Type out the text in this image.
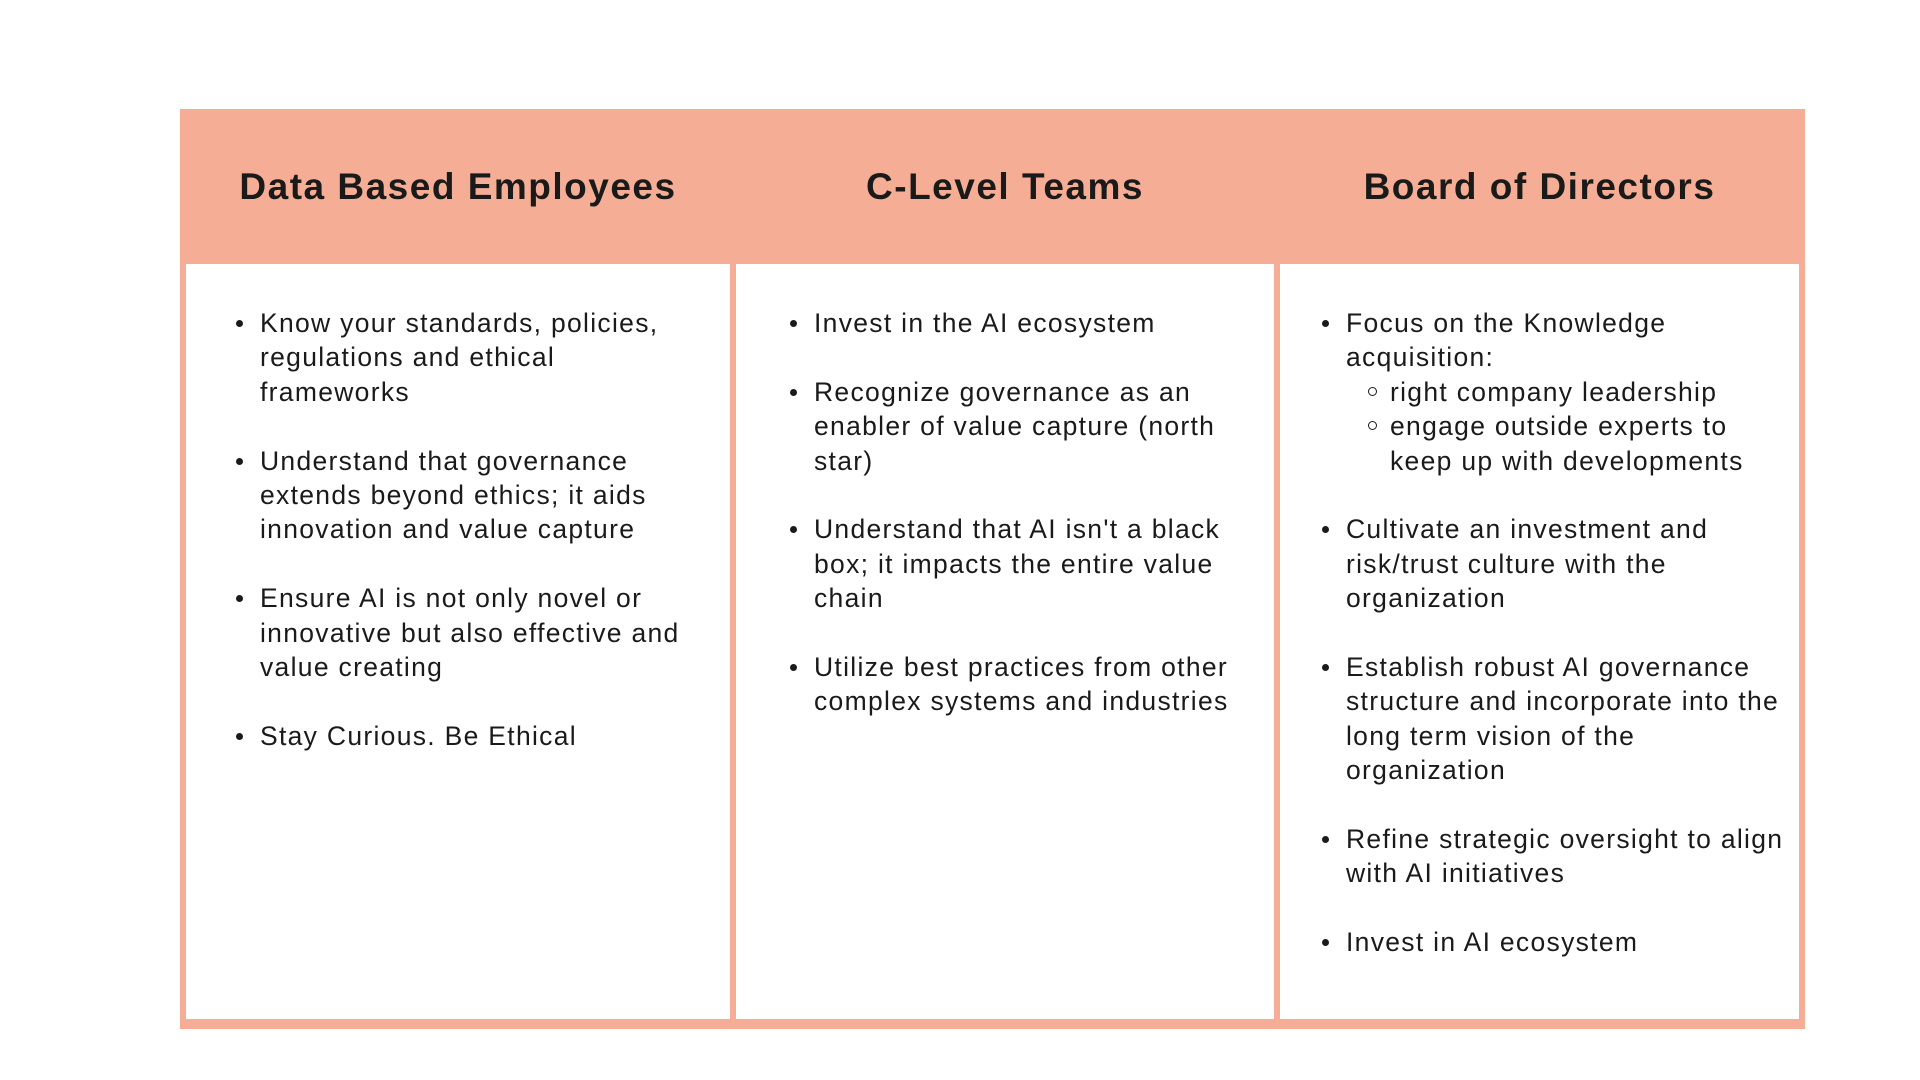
Data Based Employees	C-Level Teams	Board of Directors
Know your standards, policies, regulations and ethical frameworks
Understand that governance extends beyond ethics; it aids innovation and value capture
Ensure AI is not only novel or innovative but also effective and value creating
Stay Curious. Be Ethical
Invest in the AI ecosystem
Recognize governance as an enabler of value capture (north star)
Understand that AI isn't a black box; it impacts the entire value chain
Utilize best practices from other complex systems and industries
Focus on the Knowledge acquisition:
right company leadership
engage outside experts to keep up with developments
Cultivate an investment and risk/trust culture with the organization
Establish robust AI governance structure and incorporate into the long term vision of the organization
Refine strategic oversight to align with AI initiatives
Invest in AI ecosystem
